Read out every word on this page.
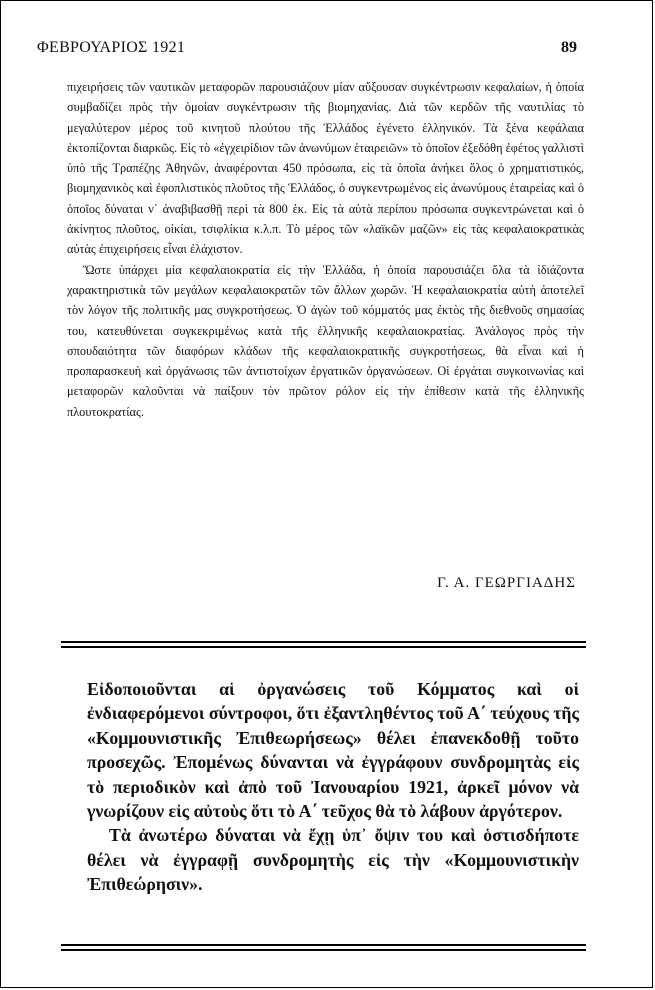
ΦΕΒΡΟΥΑΡΙΟΣ 1921	89

πιχειρήσεις τῶν ναυτικῶν μεταφορῶν παρουσιάζουν μίαν αὔξουσαν συγκέντρωσιν κεφαλαίων, ἡ ὁποία συμβαδίζει πρὸς τὴν ὁμοίαν συγκέντρωσιν τῆς βιομηχανίας. Διὰ τῶν κερδῶν τῆς ναυτιλίας τὸ μεγαλύτερον μέρος τοῦ κινητοῦ πλούτου τῆς Ἑλλάδος ἐγένετο ἑλληνικόν. Τὰ ξένα κεφάλαια ἐκτοπίζονται διαρκῶς. Εἰς τὸ «ἐγχειρίδιον τῶν ἀνωνύμων ἑταιρειῶν» τὸ ὁποῖον ἐξεδόθη ἐφέτος γαλλιστὶ ὑπὸ τῆς Τραπέζης Ἀθηνῶν, ἀναφέρονται 450 πρόσωπα, εἰς τὰ ὁποῖα ἀνήκει ὅλος ὁ χρηματιστικός, βιομηχανικὸς καὶ ἐφοπλιστικὸς πλοῦτος τῆς Ἑλλάδος, ὁ συγκεντρωμένος εἰς ἀνωνύμους ἑταιρείας καὶ ὁ ὁποῖος δύναται ν᾽ ἀναβιβασθῇ περὶ τὰ 800 ἑκ. Εἰς τὰ αὐτὰ περίπου πρόσωπα συγκεντρώνεται καὶ ὁ ἀκίνητος πλοῦτος, οἰκίαι, τσιφλίκια κ.λ.π. Τὸ μέρος τῶν «λαϊκῶν μαζῶν» εἰς τὰς κεφαλαιοκρατικὰς αὐτὰς ἐπιχειρήσεις εἶναι ἐλάχιστον.

Ὥστε ὑπάρχει μία κεφαλαιοκρατία εἰς τὴν Ἑλλάδα, ἡ ὁποία παρουσιάζει ὅλα τὰ ἰδιάζοντα χαρακτηριστικὰ τῶν μεγάλων κεφαλαιοκρατῶν τῶν ἄλλων χωρῶν. Ἡ κεφαλαιοκρατία αὐτὴ ἀποτελεῖ τὸν λόγον τῆς πολιτικῆς μας συγκροτήσεως. Ὁ ἀγὼν τοῦ κόμματός μας ἐκτὸς τῆς διεθνοῦς σημασίας του, κατευθύνεται συγκεκριμένως κατὰ τῆς ἑλληνικῆς κεφαλαιοκρατίας. Ἀνάλογος πρὸς τὴν σπουδαιότητα τῶν διαφόρων κλάδων τῆς κεφαλαιοκρατικῆς συγκροτήσεως, θὰ εἶναι καὶ ἡ προπαρασκευὴ καὶ ὀργάνωσις τῶν ἀντιστοίχων ἐργατικῶν ὀργανώσεων. Οἱ ἐργάται συγκοινωνίας καὶ μεταφορῶν καλοῦνται νὰ παίξουν τὸν πρῶτον ρόλον εἰς τὴν ἐπίθεσιν κατὰ τῆς ἑλληνικῆς πλουτοκρατίας.

Γ. Α. ΓΕΩΡΓΙΑΔΗΣ

Εἰδοποιοῦνται αἱ ὀργανώσεις τοῦ Κόμματος καὶ οἱ ἐνδιαφερόμενοι σύντροφοι, ὅτι ἐξαντληθέντος τοῦ Α΄ τεύχους τῆς «Κομμουνιστικῆς Ἐπιθεωρήσεως» θέλει ἐπανεκδοθῇ τοῦτο προσεχῶς. Ἐπομένως δύνανται νὰ ἐγγράφουν συνδρομητὰς εἰς τὸ περιοδικὸν καὶ ἀπὸ τοῦ Ἰανουαρίου 1921, ἀρκεῖ μόνον νὰ γνωρίζουν εἰς αὐτοὺς ὅτι τὸ Α΄ τεῦχος θὰ τὸ λάβουν ἀργότερον.

Τὰ ἀνωτέρω δύναται νὰ ἔχῃ ὑπ᾽ ὄψιν του καὶ ὁστισδήποτε θέλει νὰ ἐγγραφῇ συνδρομητὴς εἰς τὴν «Κομμουνιστικὴν Ἐπιθεώρησιν».
